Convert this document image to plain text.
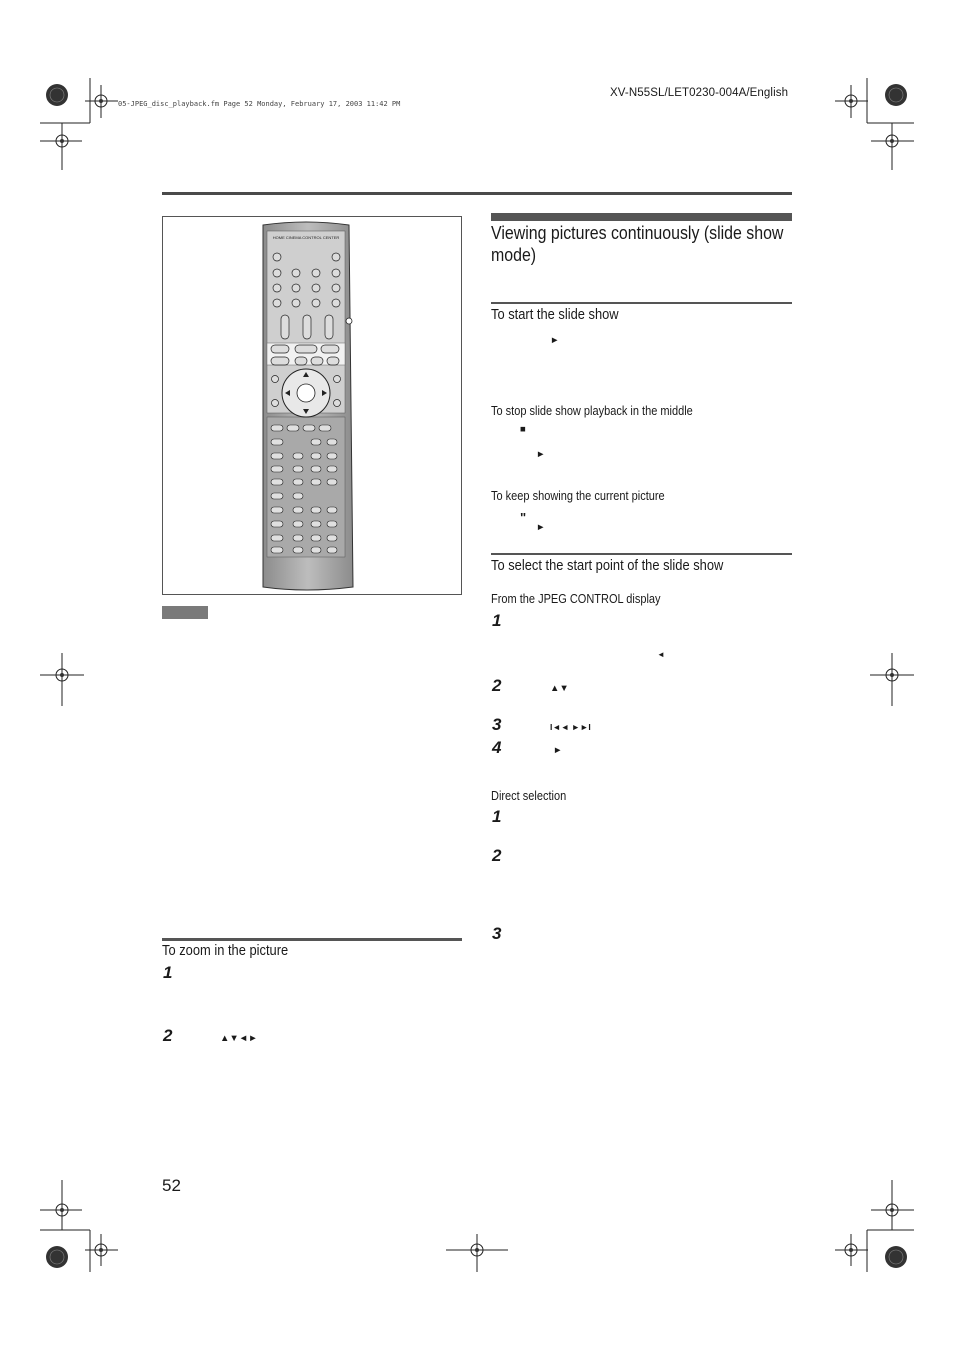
XV-N55SL/LET0230-004A/English
05-JPEG_disc_playback.fm Page 52 Monday, February 17, 2003 11:42 PM
HOME CINEMA CONTROL CENTER	Viewing pictures continuously (slide show mode)
To start the slide show
►
To stop slide show playback in the middle
■
►
To keep showing the current picture
"
►
To select the start point of the slide show
From the JPEG CONTROL display
1
◄
2	▲▼
3	I◄◄ ►►I
4	►
Direct selection
1
2
3
To zoom in the picture
1
2	▲▼◄►
52
